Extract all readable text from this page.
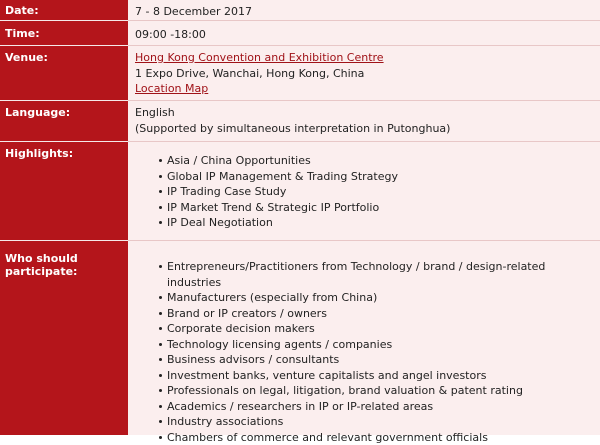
Date:	7 - 8 December 2017
Time:	09:00 -18:00
Venue:	Hong Kong Convention and Exhibition Centre
1 Expo Drive, Wanchai, Hong Kong, China
Location Map
Language:	English
(Supported by simultaneous interpretation in Putonghua)
Highlights:
Asia / China Opportunities
Global IP Management & Trading Strategy
IP Trading Case Study
IP Market Trend & Strategic IP Portfolio
IP Deal Negotiation
Who should participate:	Entrepreneurs/Practitioners from Technology / brand / design-related industries
Manufacturers (especially from China)
Brand or IP creators / owners
Corporate decision makers
Technology licensing agents / companies
Business advisors / consultants
Investment banks, venture capitalists and angel investors
Professionals on legal, litigation, brand valuation & patent rating
Academics / researchers in IP or IP-related areas
Industry associations
Chambers of commerce and relevant government officials
